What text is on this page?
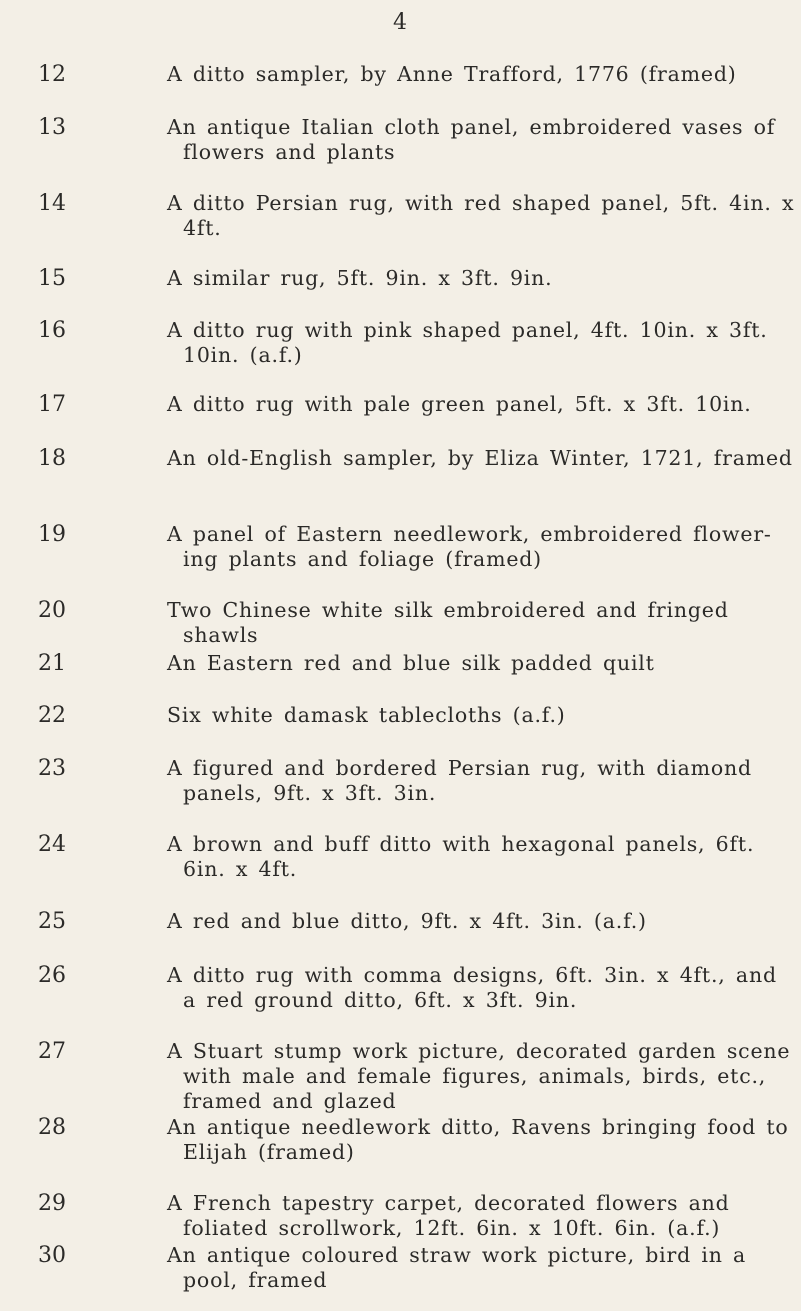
4
12	A ditto sampler, by Anne Trafford, 1776 (framed)
13	An antique Italian cloth panel, embroidered vases of flowers and plants
14	A ditto Persian rug, with red shaped panel, 5ft. 4in. x 4ft.
15	A similar rug, 5ft. 9in. x 3ft. 9in.
16	A ditto rug with pink shaped panel, 4ft. 10in. x 3ft. 10in. (a.f.)
17	A ditto rug with pale green panel, 5ft. x 3ft. 10in.
18	An old-English sampler, by Eliza Winter, 1721, framed
19	A panel of Eastern needlework, embroidered flower-ing plants and foliage (framed)
20	Two Chinese white silk embroidered and fringed shawls
21	An Eastern red and blue silk padded quilt
22	Six white damask tablecloths (a.f.)
23	A figured and bordered Persian rug, with diamond panels, 9ft. x 3ft. 3in.
24	A brown and buff ditto with hexagonal panels, 6ft. 6in. x 4ft.
25	A red and blue ditto, 9ft. x 4ft. 3in. (a.f.)
26	A ditto rug with comma designs, 6ft. 3in. x 4ft., and a red ground ditto, 6ft. x 3ft. 9in.
27	A Stuart stump work picture, decorated garden scene with male and female figures, animals, birds, etc., framed and glazed
28	An antique needlework ditto, Ravens bringing food to Elijah (framed)
29	A French tapestry carpet, decorated flowers and foliated scrollwork, 12ft. 6in. x 10ft. 6in. (a.f.)
30	An antique coloured straw work picture, bird in a pool, framed
